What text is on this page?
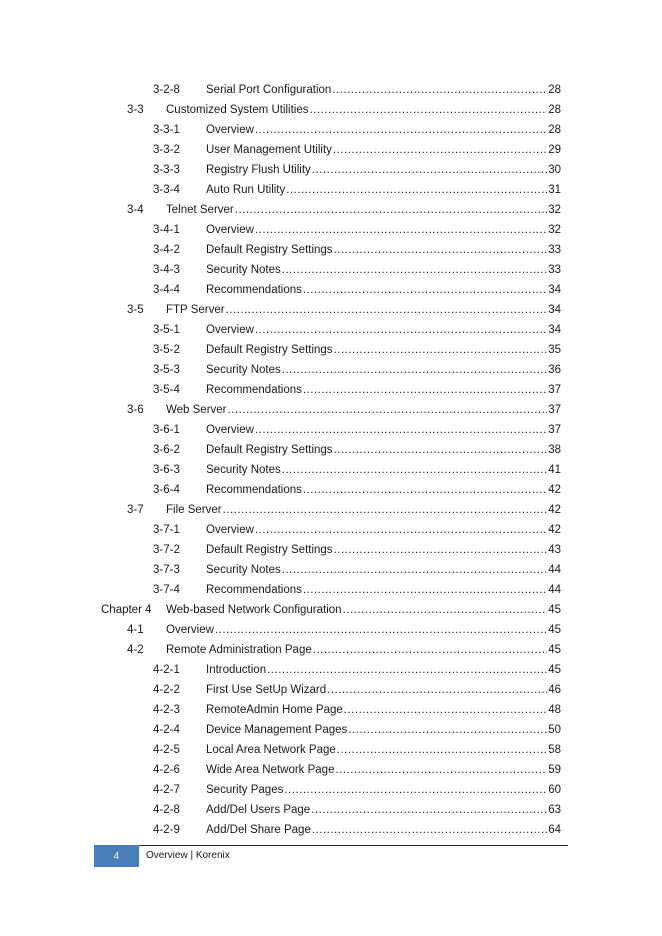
3-2-8 Serial Port Configuration .....	28
3-3 Customized System Utilities .....	28
3-3-1 Overview .....	28
3-3-2 User Management Utility .....	29
3-3-3 Registry Flush Utility .....	30
3-3-4 Auto Run Utility .....	31
3-4 Telnet Server .....	32
3-4-1 Overview .....	32
3-4-2 Default Registry Settings .....	33
3-4-3 Security Notes .....	33
3-4-4 Recommendations .....	34
3-5 FTP Server .....	34
3-5-1 Overview .....	34
3-5-2 Default Registry Settings .....	35
3-5-3 Security Notes .....	36
3-5-4 Recommendations .....	37
3-6 Web Server .....	37
3-6-1 Overview .....	37
3-6-2 Default Registry Settings .....	38
3-6-3 Security Notes .....	41
3-6-4 Recommendations .....	42
3-7 File Server .....	42
3-7-1 Overview .....	42
3-7-2 Default Registry Settings .....	43
3-7-3 Security Notes .....	44
3-7-4 Recommendations .....	44
Chapter 4 Web-based Network Configuration .....	45
4-1 Overview .....	45
4-2 Remote Administration Page .....	45
4-2-1 Introduction .....	45
4-2-2 First Use SetUp Wizard .....	46
4-2-3 RemoteAdmin Home Page .....	48
4-2-4 Device Management Pages .....	50
4-2-5 Local Area Network Page .....	58
4-2-6 Wide Area Network Page .....	59
4-2-7 Security Pages .....	60
4-2-8 Add/Del Users Page .....	63
4-2-9 Add/Del Share Page .....	64
4	Overview | Korenix
